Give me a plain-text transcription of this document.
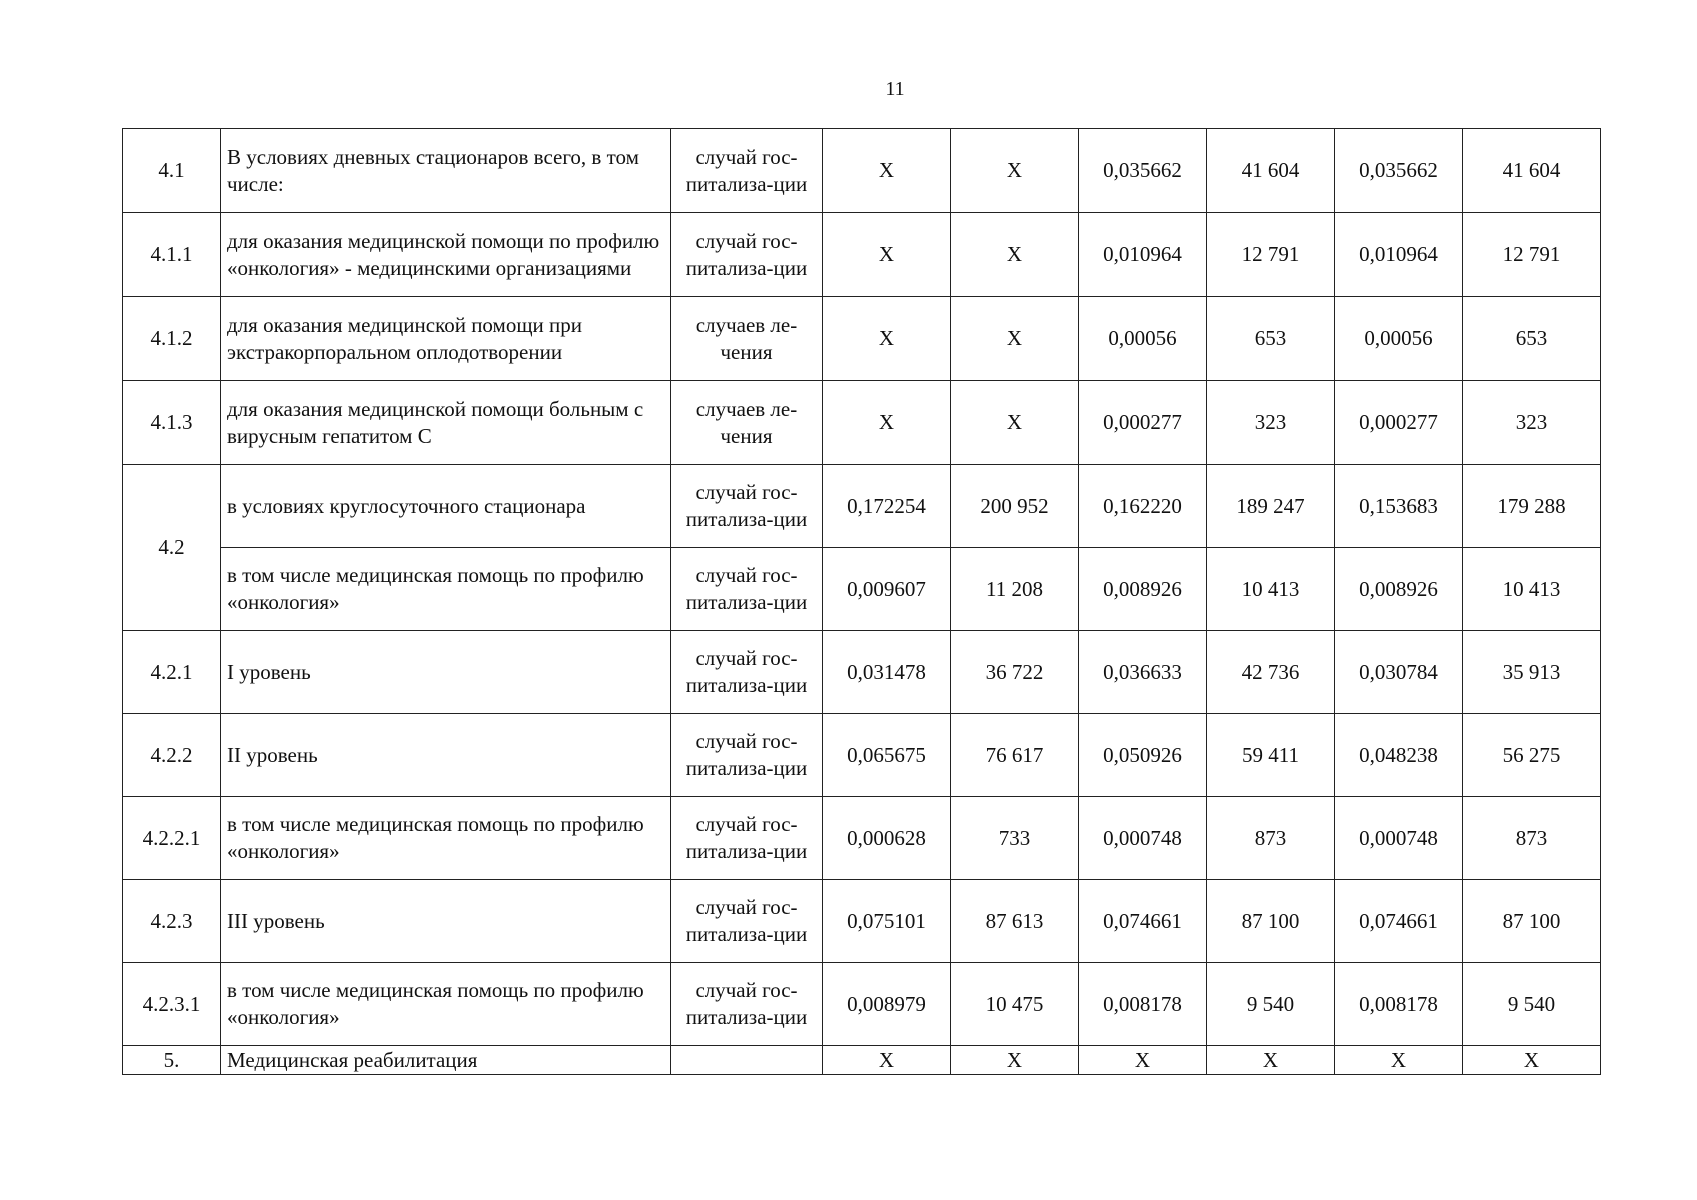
11
4.1	В условиях дневных стационаров всего, в том числе:	случай гос-питализа-ции	Х	Х	0,035662	41 604	0,035662	41 604
4.1.1	для оказания медицинской помощи по профилю «онкология» - медицинскими организациями	случай гос-питализа-ции	Х	Х	0,010964	12 791	0,010964	12 791
4.1.2	для оказания медицинской помощи при экстракорпоральном оплодотворении	случаев ле-чения	Х	Х	0,00056	653	0,00056	653
4.1.3	для оказания медицинской помощи больным с вирусным гепатитом С	случаев ле-чения	Х	Х	0,000277	323	0,000277	323
4.2	в условиях круглосуточного стационара	случай гос-питализа-ции	0,172254	200 952	0,162220	189 247	0,153683	179 288
	в том числе медицинская помощь по профилю «онкология»	случай гос-питализа-ции	0,009607	11 208	0,008926	10 413	0,008926	10 413
4.2.1	I уровень	случай гос-питализа-ции	0,031478	36 722	0,036633	42 736	0,030784	35 913
4.2.2	II уровень	случай гос-питализа-ции	0,065675	76 617	0,050926	59 411	0,048238	56 275
4.2.2.1	в том числе медицинская помощь по профилю «онкология»	случай гос-питализа-ции	0,000628	733	0,000748	873	0,000748	873
4.2.3	III уровень	случай гос-питализа-ции	0,075101	87 613	0,074661	87 100	0,074661	87 100
4.2.3.1	в том числе медицинская помощь по профилю «онкология»	случай гос-питализа-ции	0,008979	10 475	0,008178	9 540	0,008178	9 540
5.	Медицинская реабилитация		Х	Х	Х	Х	Х	Х
